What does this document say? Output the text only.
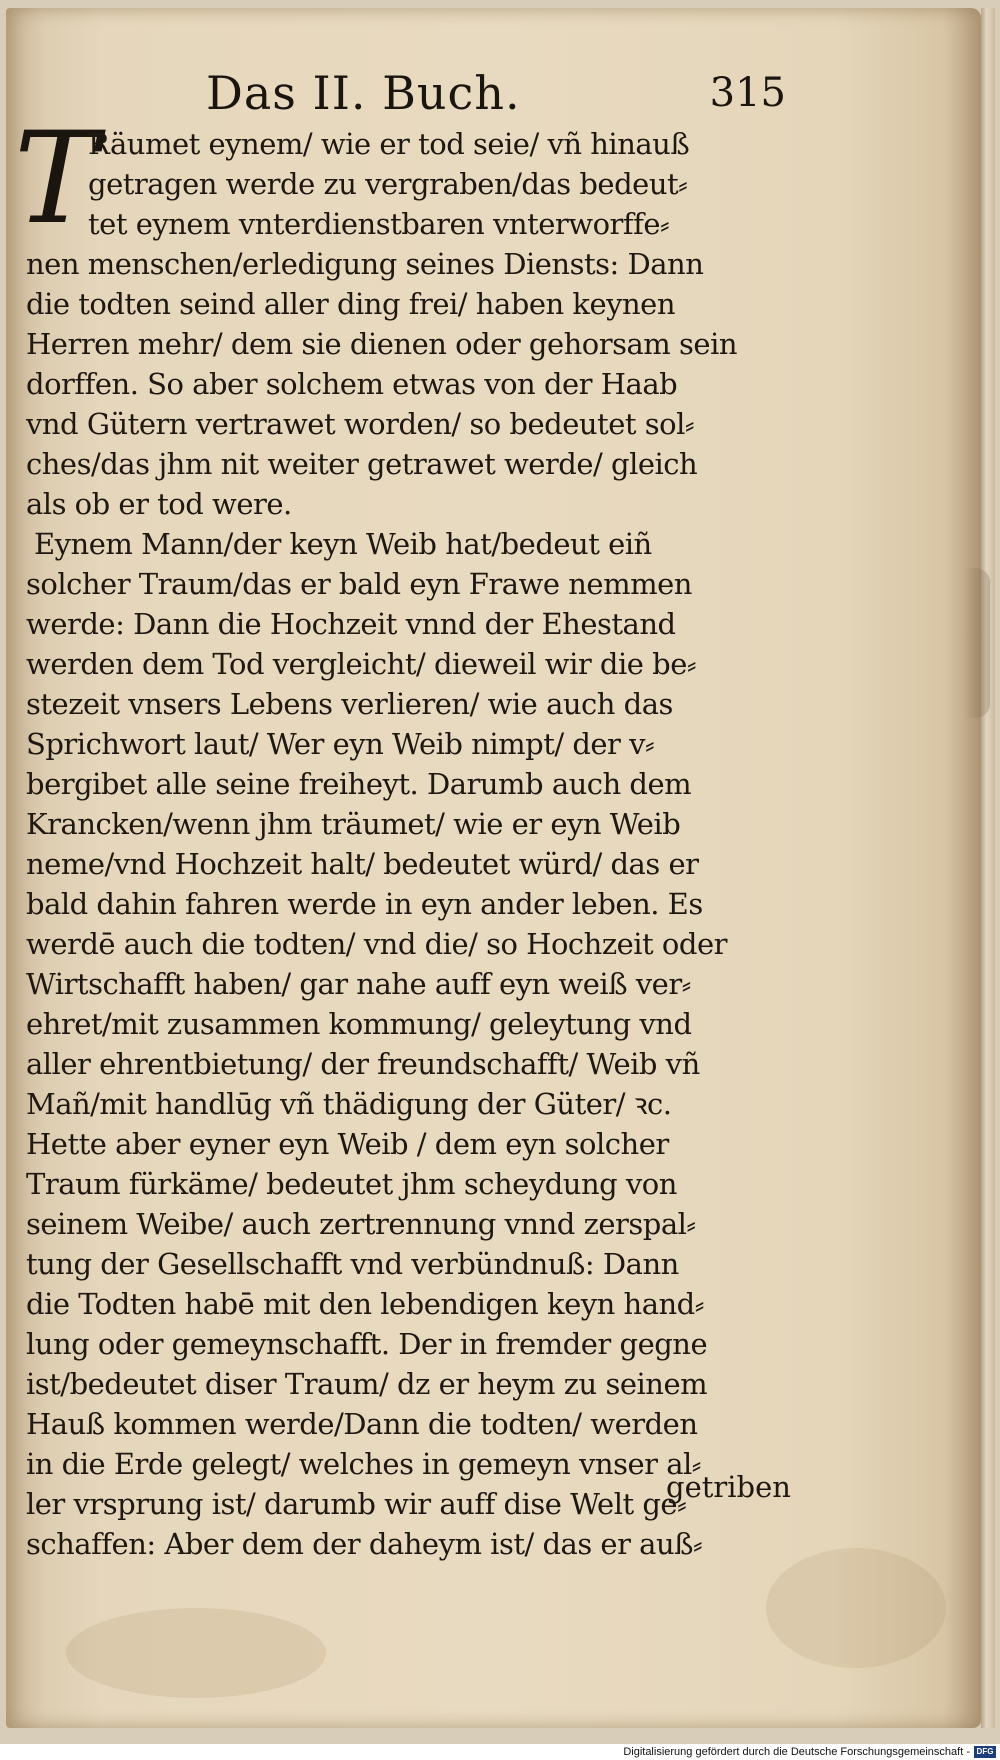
Das II. Buch.	315
T
Räumet eynem/ wie er tod seie/ vñ hinauß
getragen werde zu vergraben/das bedeut⸗
tet eynem vnterdienstbaren vnterworffe⸗
nen menschen/erledigung seines Diensts: Dann
die todten seind aller ding frei/ haben keynen
Herren mehr/ dem sie dienen oder gehorsam sein
dorffen. So aber solchem etwas von der Haab
vnd Gütern vertrawet worden/ so bedeutet sol⸗
ches/das jhm nit weiter getrawet werde/ gleich
als ob er tod were.
Eynem Mann/der keyn Weib hat/bedeut eiñ
solcher Traum/das er bald eyn Frawe nemmen
werde: Dann die Hochzeit vnnd der Ehestand
werden dem Tod vergleicht/ dieweil wir die be⸗
stezeit vnsers Lebens verlieren/ wie auch das
Sprichwort laut/ Wer eyn Weib nimpt/ der v⸗
bergibet alle seine freiheyt. Darumb auch dem
Krancken/wenn jhm träumet/ wie er eyn Weib
neme/vnd Hochzeit halt/ bedeutet würd/ das er
bald dahin fahren werde in eyn ander leben. Es
werdē auch die todten/ vnd die/ so Hochzeit oder
Wirtschafft haben/ gar nahe auff eyn weiß ver⸗
ehret/mit zusammen kommung/ geleytung vnd
aller ehrentbietung/ der freundschafft/ Weib vñ
Mañ/mit handlūg vñ thädigung der Güter/ ꝛc.
Hette aber eyner eyn Weib / dem eyn solcher
Traum fürkäme/ bedeutet jhm scheydung von
seinem Weibe/ auch zertrennung vnnd zerspal⸗
tung der Gesellschafft vnd verbündnuß: Dann
die Todten habē mit den lebendigen keyn hand⸗
lung oder gemeynschafft. Der in fremder gegne
ist/bedeutet diser Traum/ dz er heym zu seinem
Hauß kommen werde/Dann die todten/ werden
in die Erde gelegt/ welches in gemeyn vnser al⸗
ler vrsprung ist/ darumb wir auff dise Welt ge⸗
schaffen: Aber dem der daheym ist/ das er auß⸗
getriben
Digitalisierung gefördert durch die Deutsche Forschungsgemeinschaft - DFG
